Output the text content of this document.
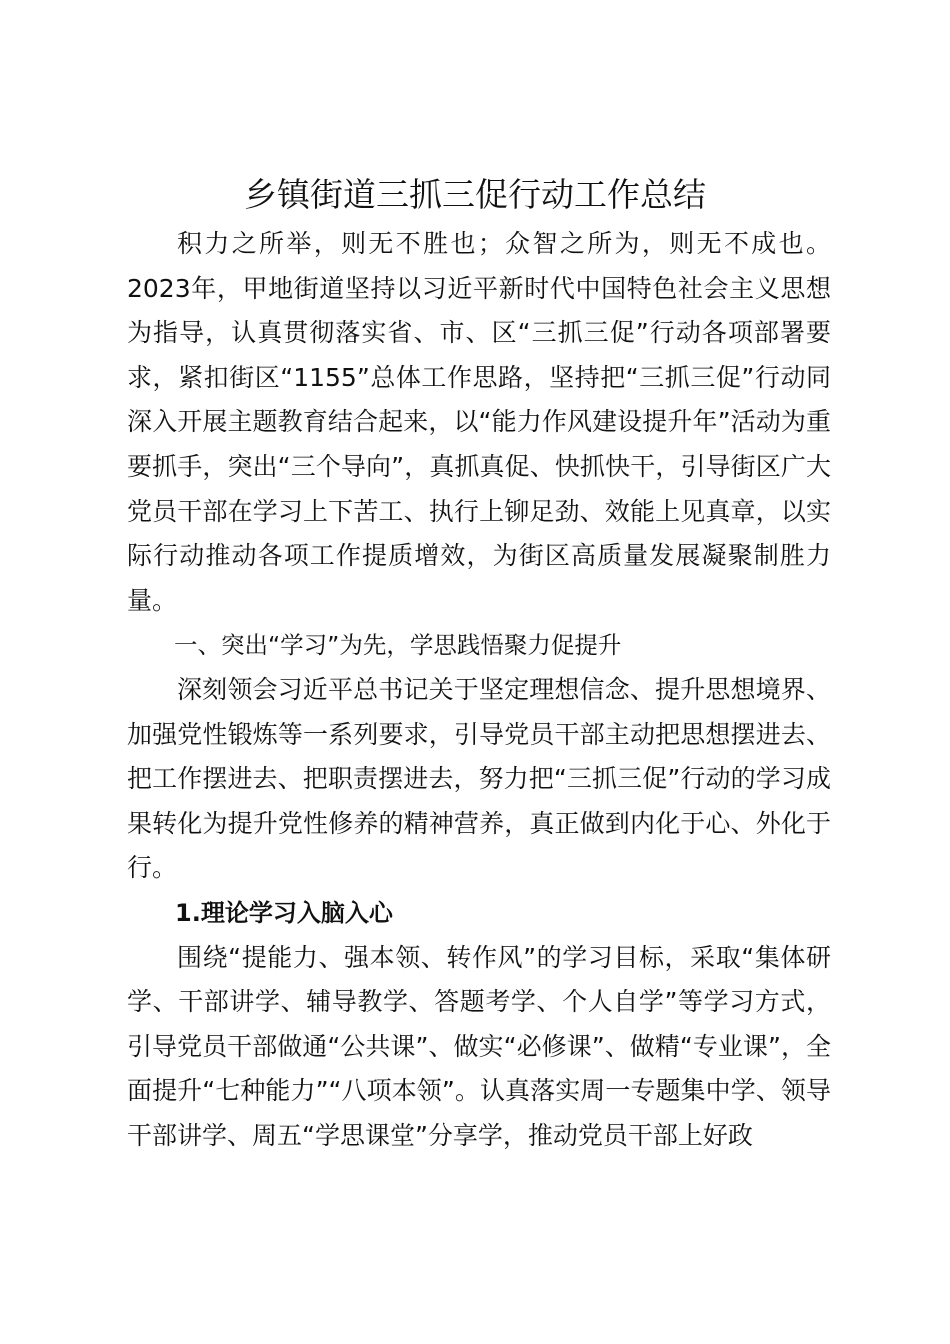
乡镇街道三抓三促行动工作总结

积力之所举，则无不胜也；众智之所为，则无不成也。2023年，甲地街道坚持以习近平新时代中国特色社会主义思想为指导，认真贯彻落实省、市、区“三抓三促”行动各项部署要求，紧扣街区“1155”总体工作思路，坚持把“三抓三促”行动同深入开展主题教育结合起来，以“能力作风建设提升年”活动为重要抓手，突出“三个导向”，真抓真促、快抓快干，引导街区广大党员干部在学习上下苦工、执行上铆足劲、效能上见真章，以实际行动推动各项工作提质增效，为街区高质量发展凝聚制胜力量。

一、突出“学习”为先，学思践悟聚力促提升

深刻领会习近平总书记关于坚定理想信念、提升思想境界、加强党性锻炼等一系列要求，引导党员干部主动把思想摆进去、把工作摆进去、把职责摆进去，努力把“三抓三促”行动的学习成果转化为提升党性修养的精神营养，真正做到内化于心、外化于行。

1.理论学习入脑入心

围绕“提能力、强本领、转作风”的学习目标，采取“集体研学、干部讲学、辅导教学、答题考学、个人自学”等学习方式，引导党员干部做通“公共课”、做实“必修课”、做精“专业课”，全面提升“七种能力”“八项本领”。认真落实周一专题集中学、领导干部讲学、周五“学思课堂”分享学，推动党员干部上好政
